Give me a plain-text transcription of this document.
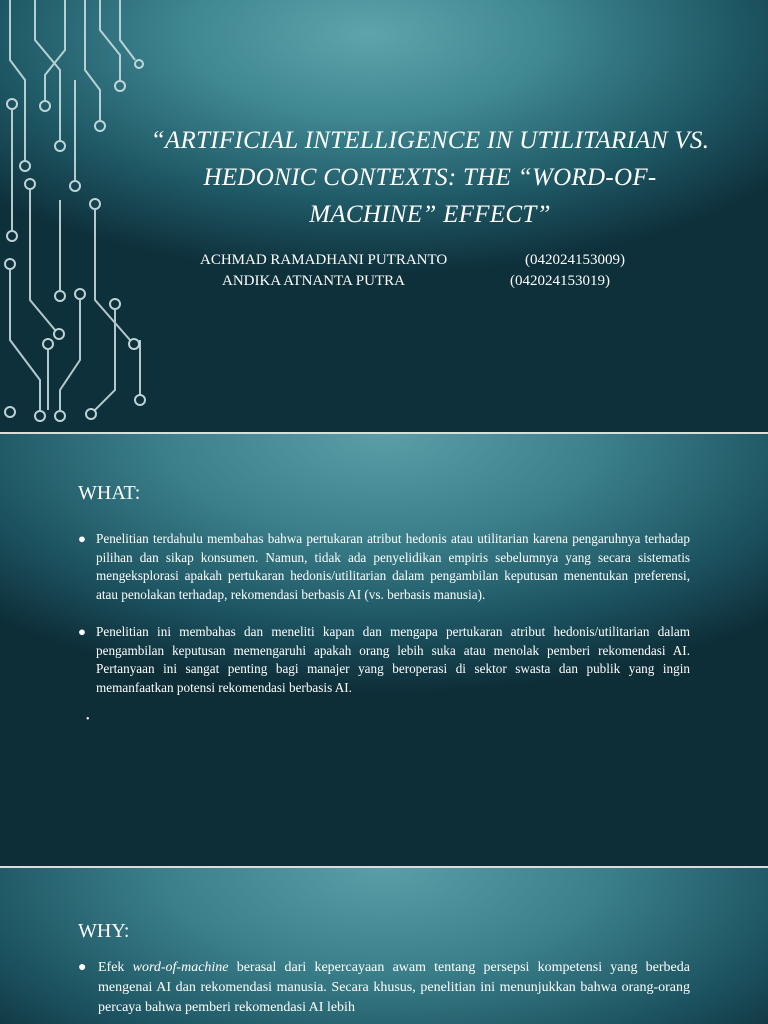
“ARTIFICIAL INTELLIGENCE IN UTILITARIAN VS. HEDONIC CONTEXTS: THE “WORD-OF-MACHINE” EFFECT”
ACHMAD RAMADHANI PUTRANTO	(042024153009)
ANDIKA ATNANTA PUTRA	(042024153019)
WHAT:
● Penelitian terdahulu membahas bahwa pertukaran atribut hedonis atau utilitarian karena pengaruhnya terhadap pilihan dan sikap konsumen. Namun, tidak ada penyelidikan empiris sebelumnya yang secara sistematis mengeksplorasi apakah pertukaran hedonis/utilitarian dalam pengambilan keputusan menentukan preferensi, atau penolakan terhadap, rekomendasi berbasis AI (vs. berbasis manusia).
● Penelitian ini membahas dan meneliti kapan dan mengapa pertukaran atribut hedonis/utilitarian dalam pengambilan keputusan memengaruhi apakah orang lebih suka atau menolak pemberi rekomendasi AI. Pertanyaan ini sangat penting bagi manajer yang beroperasi di sektor swasta dan publik yang ingin memanfaatkan potensi rekomendasi berbasis AI.
•
WHY:
● Efek word-of-machine berasal dari kepercayaan awam tentang persepsi kompetensi yang berbeda mengenai AI dan rekomendasi manusia. Secara khusus, penelitian ini menunjukkan bahwa orang-orang percaya bahwa pemberi rekomendasi AI lebih
